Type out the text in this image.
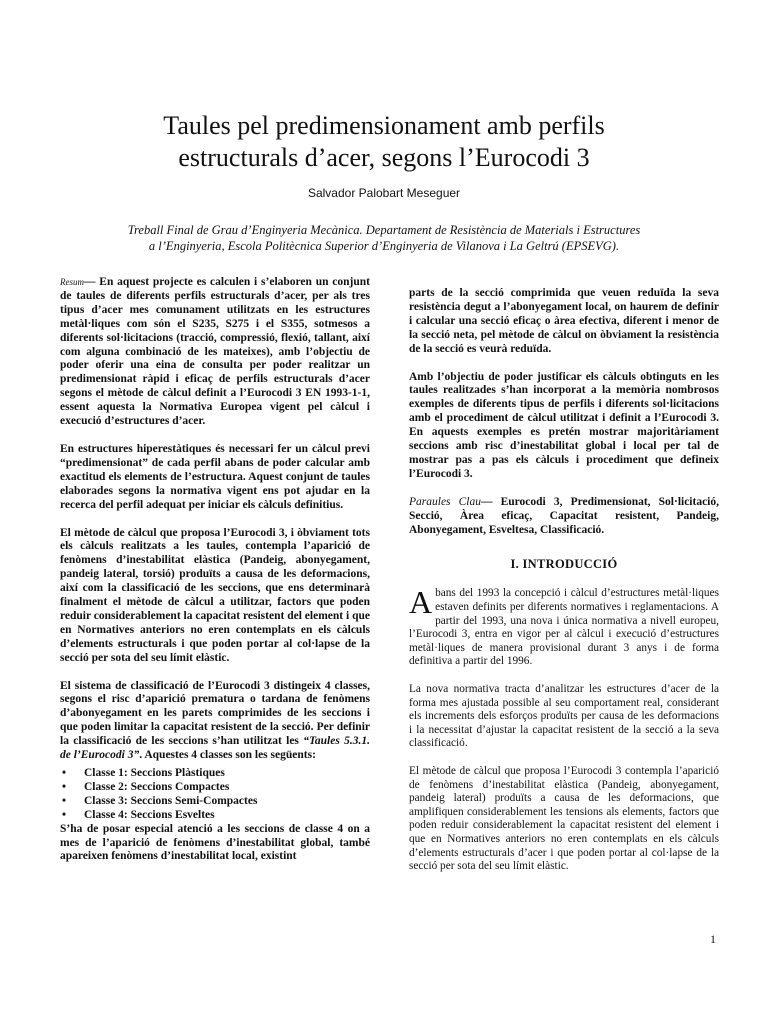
Taules pel predimensionament amb perfils
estructurals d’acer, segons l’Eurocodi 3
Salvador Palobart Meseguer
Treball Final de Grau d’Enginyeria Mecànica. Departament de Resistència de Materials i Estructures
a l’Enginyeria, Escola Politècnica Superior d’Enginyeria de Vilanova i La Geltrú (EPSEVG).

Resum— En aquest projecte es calculen i s’elaboren un conjunt de taules de diferents perfils estructurals d’acer, per als tres tipus d’acer mes comunament utilitzats en les estructures metàl·liques com són el S235, S275 i el S355, sotmesos a diferents sol·licitacions (tracció, compressió, flexió, tallant, així com alguna combinació de les mateixes), amb l’objectiu de poder oferir una eina de consulta per poder realitzar un predimensionat ràpid i eficaç de perfils estructurals d’acer segons el mètode de càlcul definit a l’Eurocodi 3 EN 1993-1-1, essent aquesta la Normativa Europea vigent pel càlcul i execució d’estructures d’acer.

En estructures hiperestàtiques és necessari fer un càlcul previ “predimensionat” de cada perfil abans de poder calcular amb exactitud els elements de l’estructura. Aquest conjunt de taules elaborades segons la normativa vigent ens pot ajudar en la recerca del perfil adequat per iniciar els càlculs definitius.

El mètode de càlcul que proposa l’Eurocodi 3, i òbviament tots els càlculs realitzats a les taules, contempla l’aparició de fenòmens d’inestabilitat elàstica (Pandeig, abonyegament, pandeig lateral, torsió) produïts a causa de les deformacions, així com la classificació de les seccions, que ens determinarà finalment el mètode de càlcul a utilitzar, factors que poden reduir considerablement la capacitat resistent del element i que en Normatives anteriors no eren contemplats en els càlculs d’elements estructurals i que poden portar al col·lapse de la secció per sota del seu límit elàstic.

El sistema de classificació de l’Eurocodi 3 distingeix 4 classes, segons el risc d’aparició prematura o tardana de fenòmens d’abonyegament en les parets comprimides de les seccions i que poden limitar la capacitat resistent de la secció. Per definir la classificació de les seccions s’han utilitzat les “Taules 5.3.1. de l’Eurocodi 3”. Aquestes 4 classes son les següents:

• Classe 1: Seccions Plàstiques
• Classe 2: Seccions Compactes
• Classe 3: Seccions Semi-Compactes
• Classe 4: Seccions Esveltes

S’ha de posar especial atenció a les seccions de classe 4 on a mes de l’aparició de fenòmens d’inestabilitat global, també apareixen fenòmens d’inestabilitat local, existint

parts de la secció comprimida que veuen reduïda la seva resistència degut a l’abonyegament local, on haurem de definir i calcular una secció eficaç o àrea efectiva, diferent i menor de la secció neta, pel mètode de càlcul on òbviament la resistència de la secció es veurà reduïda.

Amb l’objectiu de poder justificar els càlculs obtinguts en les taules realitzades s’han incorporat a la memòria nombrosos exemples de diferents tipus de perfils i diferents sol·licitacions amb el procediment de càlcul utilitzat i definit a l’Eurocodi 3. En aquests exemples es pretén mostrar majoritàriament seccions amb risc d’inestabilitat global i local per tal de mostrar pas a pas els càlculs i procediment que defineix l’Eurocodi 3.

Paraules Clau— Eurocodi 3, Predimensionat, Sol·licitació, Secció, Àrea eficaç, Capacitat resistent, Pandeig, Abonyegament, Esveltesa, Classificació.

I. INTRODUCCIÓ

Abans del 1993 la concepció i càlcul d’estructures metàl·liques estaven definits per diferents normatives i reglamentacions. A partir del 1993, una nova i única normativa a nivell europeu, l’Eurocodi 3, entra en vigor per al càlcul i execució d’estructures metàl·liques de manera provisional durant 3 anys i de forma definitiva a partir del 1996.

La nova normativa tracta d’analitzar les estructures d’acer de la forma mes ajustada possible al seu comportament real, considerant els increments dels esforços produïts per causa de les deformacions i la necessitat d’ajustar la capacitat resistent de la secció a la seva classificació.

El mètode de càlcul que proposa l’Eurocodi 3 contempla l’aparició de fenòmens d’inestabilitat elàstica (Pandeig, abonyegament, pandeig lateral) produïts a causa de les deformacions, que amplifiquen considerablement les tensions als elements, factors que poden reduir considerablement la capacitat resistent del element i que en Normatives anteriors no eren contemplats en els càlculs d’elements estructurals d’acer i que poden portar al col·lapse de la secció per sota del seu límit elàstic.

1
